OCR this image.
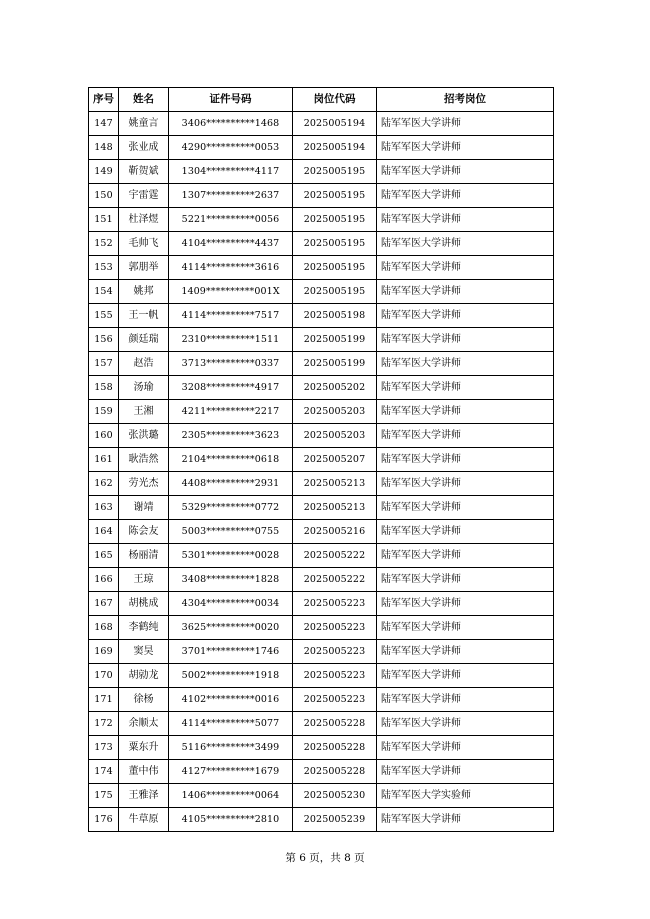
序号	姓名	证件号码	岗位代码	招考岗位
147	姚童言	3406**********1468	2025005194	陆军军医大学讲师
148	张业成	4290**********0053	2025005194	陆军军医大学讲师
149	靳贺斌	1304**********4117	2025005195	陆军军医大学讲师
150	宇雷霆	1307**********2637	2025005195	陆军军医大学讲师
151	杜泽煜	5221**********0056	2025005195	陆军军医大学讲师
152	毛帅飞	4104**********4437	2025005195	陆军军医大学讲师
153	郭朋举	4114**********3616	2025005195	陆军军医大学讲师
154	姚邦	1409**********001X	2025005195	陆军军医大学讲师
155	王一帆	4114**********7517	2025005198	陆军军医大学讲师
156	颜廷瑞	2310**********1511	2025005199	陆军军医大学讲师
157	赵浩	3713**********0337	2025005199	陆军军医大学讲师
158	汤瑜	3208**********4917	2025005202	陆军军医大学讲师
159	王湘	4211**********2217	2025005203	陆军军医大学讲师
160	张洪璐	2305**********3623	2025005203	陆军军医大学讲师
161	耿浩然	2104**********0618	2025005207	陆军军医大学讲师
162	劳光杰	4408**********2931	2025005213	陆军军医大学讲师
163	谢靖	5329**********0772	2025005213	陆军军医大学讲师
164	陈会友	5003**********0755	2025005216	陆军军医大学讲师
165	杨丽清	5301**********0028	2025005222	陆军军医大学讲师
166	王琼	3408**********1828	2025005222	陆军军医大学讲师
167	胡桃成	4304**********0034	2025005223	陆军军医大学讲师
168	李鹤纯	3625**********0020	2025005223	陆军军医大学讲师
169	窦昊	3701**********1746	2025005223	陆军军医大学讲师
170	胡勍龙	5002**********1918	2025005223	陆军军医大学讲师
171	徐杨	4102**********0016	2025005223	陆军军医大学讲师
172	余顺太	4114**********5077	2025005228	陆军军医大学讲师
173	粟东升	5116**********3499	2025005228	陆军军医大学讲师
174	董中伟	4127**********1679	2025005228	陆军军医大学讲师
175	王雅泽	1406**********0064	2025005230	陆军军医大学实验师
176	牛草原	4105**********2810	2025005239	陆军军医大学讲师
第 6 页，共 8 页
